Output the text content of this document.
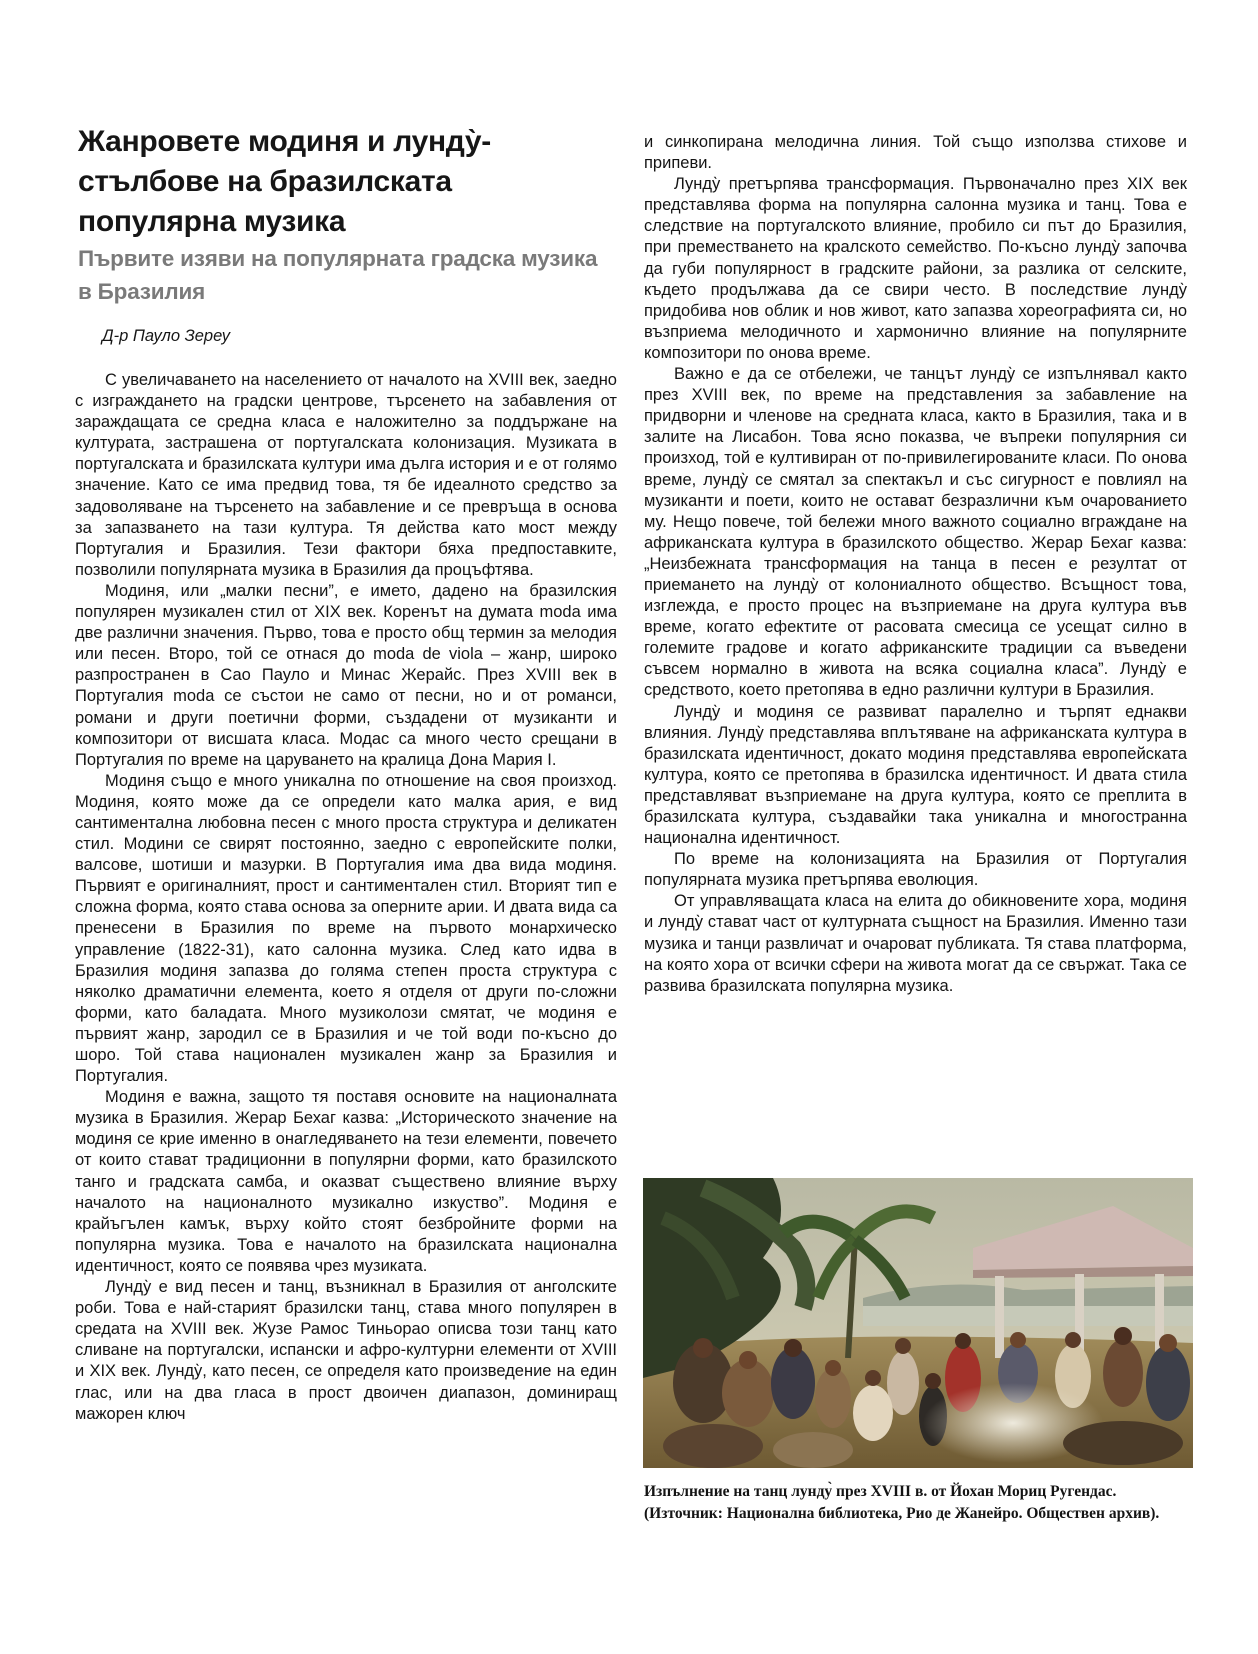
Жанровете модиня и лунду̀- стълбове на бразилската популярна музика
Първите изяви на популярната градска музика в Бразилия

Д-р Пауло Зереу

С увеличаването на населението от началото на XVIII век, заедно с изграждането на градски центрове, търсенето на забавления от зараждащата се средна класа е наложително за поддържане на културата, застрашена от португалската колонизация. Музиката в португалската и бразилската култури има дълга история и е от голямо значение. Като се има предвид това, тя бе идеалното средство за задоволяване на търсенето на забавление и се превръща в основа за запазването на тази култура. Тя действа като мост между Португалия и Бразилия. Тези фактори бяха предпоставките, позволили популярната музика в Бразилия да процъфтява.

Модиня, или „малки песни”, е името, дадено на бразилския популярен музикален стил от XIX век. Коренът на думата moda има две различни значения. Първо, това е просто общ термин за мелодия или песен. Второ, той се отнася до moda de viola – жанр, широко разпространен в Сао Пауло и Минас Жерайс. През XVIII век в Португалия moda се състои не само от песни, но и от романси, романи и други поетични форми, създадени от музиканти и композитори от висшата класа. Модас са много често срещани в Португалия по време на царуването на кралица Дона Мария I.

Модиня също е много уникална по отношение на своя произход. Модиня, която може да се определи като малка ария, е вид сантиментална любовна песен с много проста структура и деликатен стил. Модини се свирят постоянно, заедно с европейските полки, валсове, шотиши и мазурки. В Португалия има два вида модиня. Първият е оригиналният, прост и сантиментален стил. Вторият тип е сложна форма, която става основа за оперните арии. И двата вида са пренесени в Бразилия по време на първото монархическо управление (1822-31), като салонна музика. След като идва в Бразилия модиня запазва до голяма степен проста структура с няколко драматични елемента, което я отделя от други по-сложни форми, като баладата. Много музиколози смятат, че модиня е първият жанр, зародил се в Бразилия и че той води по-късно до шоро. Той става национален музикален жанр за Бразилия и Португалия.

Модиня е важна, защото тя поставя основите на националната музика в Бразилия. Жерар Бехаг казва: „Историческото значение на модиня се крие именно в онагледяването на тези елементи, повечето от които стават традиционни в популярни форми, като бразилското танго и градската самба, и оказват съществено влияние върху началото на националното музикално изкуство”. Модиня е крайъгълен камък, върху който стоят безбройните форми на популярна музика. Това е началото на бразилската национална идентичност, която се появява чрез музиката.

Лунду̀ е вид песен и танц, възникнал в Бразилия от анголските роби. Това е най-старият бразилски танц, става много популярен в средата на XVIII век. Жузе Рамос Тиньорао описва този танц като сливане на португалски, испански и афро-културни елементи от XVIII и XIX век. Лунду̀, като песен, се определя като произведение на един глас, или на два гласа в прост двоичен диапазон, доминиращ мажорен ключ

и синкопирана мелодична линия. Той също използва стихове и припеви.

Лунду̀ претърпява трансформация. Първоначално през XIX век представлява форма на популярна салонна музика и танц. Това е следствие на португалското влияние, пробило си път до Бразилия, при преместването на кралското семейство. По-късно лунду̀ започва да губи популярност в градските райони, за разлика от селските, където продължава да се свири често. В последствие лунду̀ придобива нов облик и нов живот, като запазва хореографията си, но възприема мелодичното и хармонично влияние на популярните композитори по онова време.

Важно е да се отбележи, че танцът лунду̀ се изпълнявал както през XVIII век, по време на представления за забавление на придворни и членове на средната класа, както в Бразилия, така и в залите на Лисабон. Това ясно показва, че въпреки популярния си произход, той е култивиран от по-привилегированите класи. По онова време, лунду̀ се смятал за спектакъл и със сигурност е повлиял на музиканти и поети, които не остават безразлични към очарованието му. Нещо повече, той бележи много важното социално вграждане на африканската култура в бразилското общество. Жерар Бехаг казва: „Неизбежната трансформация на танца в песен е резултат от приемането на лунду̀ от колониалното общество. Всъщност това, изглежда, е просто процес на възприемане на друга култура във време, когато ефектите от расовата смесица се усещат силно в големите градове и когато африканските традиции са въведени съвсем нормално в живота на всяка социална класа”. Лунду̀ е средството, което претопява в едно различни култури в Бразилия.

Лунду̀ и модиня се развиват паралелно и търпят еднакви влияния. Лунду̀ представлява вплътяване на африканската култура в бразилската идентичност, докато модиня представлява европейската култура, която се претопява в бразилска идентичност. И двата стила представляват възприемане на друга култура, която се преплита в бразилската култура, създавайки така уникална и многостранна национална идентичност.

По време на колонизацията на Бразилия от Португалия популярната музика претърпява еволюция.

От управляващата класа на елита до обикновените хора, модиня и лунду̀ стават част от културната същност на Бразилия. Именно тази музика и танци развличат и очароват публиката. Тя става платформа, на която хора от всички сфери на живота могат да се свържат. Така се развива бразилската популярна музика.

Изпълнение на танц лунду̀ през XVIII в. от Йохан Мориц Ругендас. (Източник: Национална библиотека, Рио де Жанейро. Обществен архив).
